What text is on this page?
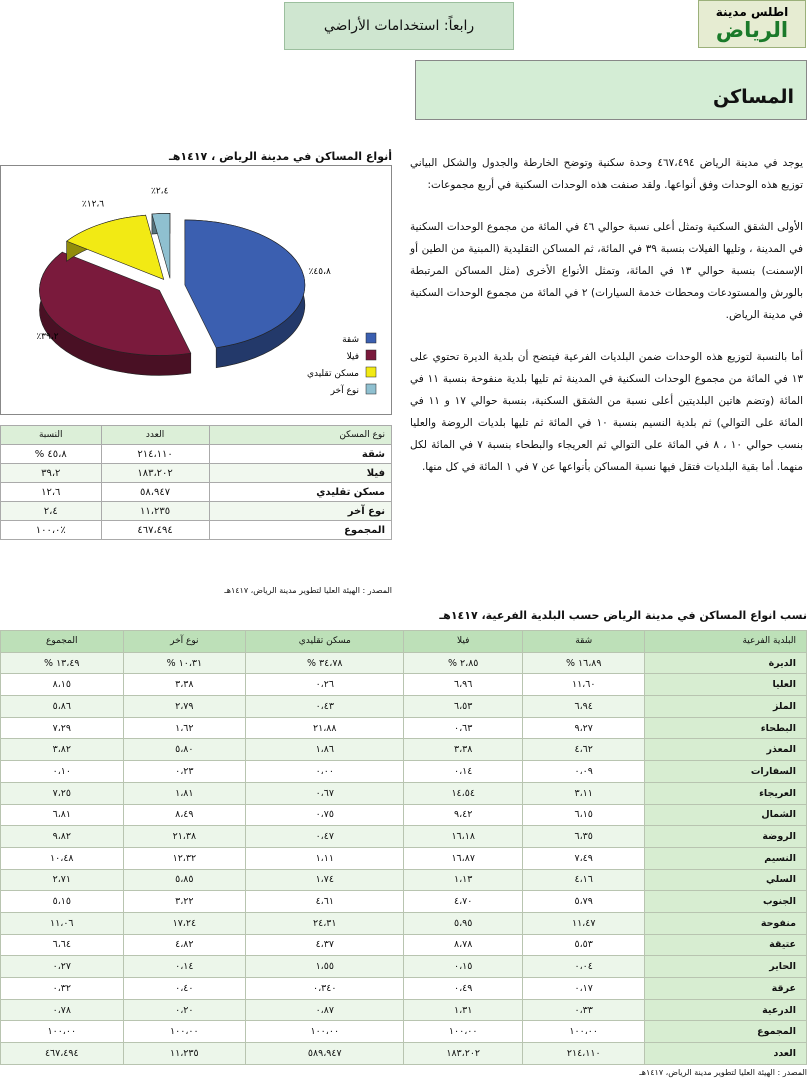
اطلس مدينة
الرياض
رابعاً: استخدامات الأراضي
المساكن
أنواع المساكن في مدينة الرياض ، ١٤١٧هـ
٪٤٥،٨
٪٣٩،٢
٪١٢،٦
٪٢،٤
شقة
فيلا
مسكن تقليدي
نوع آخر

يوجد في مدينة الرياض ٤٦٧،٤٩٤ وحدة سكنية وتوضح الخارطة والجدول والشكل البياني توزيع هذه الوحدات وفق أنواعها. ولقد صنفت هذه الوحدات السكنية في أربع مجموعات:

الأولى الشقق السكنية وتمثل أعلى نسبة حوالي ٤٦ في المائة من مجموع الوحدات السكنية في المدينة ، وتليها الفيلات بنسبة ٣٩ في المائة، ثم المساكن التقليدية (المبنية من الطين أو الإسمنت) بنسبة حوالي ١٣ في المائة، وتمثل الأنواع الأخرى (مثل المساكن المرتبطة بالورش والمستودعات ومحطات خدمة السيارات) ٢ في المائة من مجموع الوحدات السكنية في مدينة الرياض.

أما بالنسبة لتوزيع هذه الوحدات ضمن البلديات الفرعية فيتضح أن بلدية الديرة تحتوي على ١٣ في المائة من مجموع الوحدات السكنية في المدينة ثم تليها بلدية منفوحة بنسبة ١١ في المائة (وتضم هاتين البلديتين أعلى نسبة من الشقق السكنية، بنسبة حوالي ١٧ و ١١ في المائة على التوالي) ثم بلدية النسيم بنسبة ١٠ في المائة ثم تليها بلديات الروضة والعليا بنسب حوالي ١٠ ، ٨ في المائة على التوالي ثم العريجاء والبطحاء بنسبة ٧ في المائة لكل منهما. أما بقية البلديات فتقل فيها نسبة المساكن بأنواعها عن ٧ في ١ المائة في كل منها.

نوع المسكن	العدد	النسبة
شقة	٢١٤،١١٠	٤٥،٨ %
فيلا	١٨٣،٢٠٢	٣٩،٢
مسكن تقليدي	٥٨،٩٤٧	١٢،٦
نوع آخر	١١،٢٣٥	٢،٤
المجموع	٤٦٧،٤٩٤	٪١٠٠،٠
المصدر : الهيئة العليا لتطوير مدينة الرياض، ١٤١٧هـ
نسب انواع المساكن في مدينة الرياض حسب البلدية الفرعية، ١٤١٧هـ
البلدية الفرعية	شقة	فيلا	مسكن تقليدي	نوع آخر	المجموع
الديرة	١٦،٨٩ %	٢،٨٥ %	٣٤،٧٨ %	١٠،٣١ %	١٣،٤٩ %
العليا	١١،٦٠	٦،٩٦	٠،٢٦	٣،٣٨	٨،١٥
الملز	٦،٩٤	٦،٥٣	٠،٤٣	٢،٧٩	٥،٨٦
البطحاء	٩،٢٧	٠،٦٣	٢١،٨٨	١،٦٢	٧،٢٩
المعذر	٤،٦٢	٣،٣٨	١،٨٦	٥،٨٠	٣،٨٢
السفارات	٠،٠٩	٠،١٤	٠،٠٠	٠،٢٣	٠،١٠
العريجاء	٣،١١	١٤،٥٤	٠،٦٧	١،٨١	٧،٢٥
الشمال	٦،١٥	٩،٤٢	٠،٧٥	٨،٤٩	٦،٨١
الروضة	٦،٣٥	١٦،١٨	٠،٤٧	٢١،٣٨	٩،٨٢
النسيم	٧،٤٩	١٦،٨٧	١،١١	١٢،٣٢	١٠،٤٨
السلي	٤،١٦	١،١٣	١،٧٤	٥،٨٥	٢،٧١
الجنوب	٥،٧٩	٤،٧٠	٤،٦١	٣،٢٢	٥،١٥
منفوحة	١١،٤٧	٥،٩٥	٢٤،٣١	١٧،٢٤	١١،٠٦
عتيقة	٥،٥٣	٨،٧٨	٤،٣٧	٤،٨٢	٦،٦٤
الحاير	٠،٠٤	٠،١٥	١،٥٥	٠،١٤	٠،٢٧
عرقة	٠،١٧	٠،٤٩	٠،٣٤٠	٠،٤٠	٠،٣٢
الدرعية	٠،٣٣	١،٣١	٠،٨٧	٠،٢٠	٠،٧٨
المجموع	١٠٠،٠٠	١٠٠،٠٠	١٠٠،٠٠	١٠٠،٠٠	١٠٠،٠٠
العدد	٢١٤،١١٠	١٨٣،٢٠٢	٥٨٩،٩٤٧	١١،٢٣٥	٤٦٧،٤٩٤
المصدر : الهيئة العليا لتطوير مدينة الرياض، ١٤١٧هـ
